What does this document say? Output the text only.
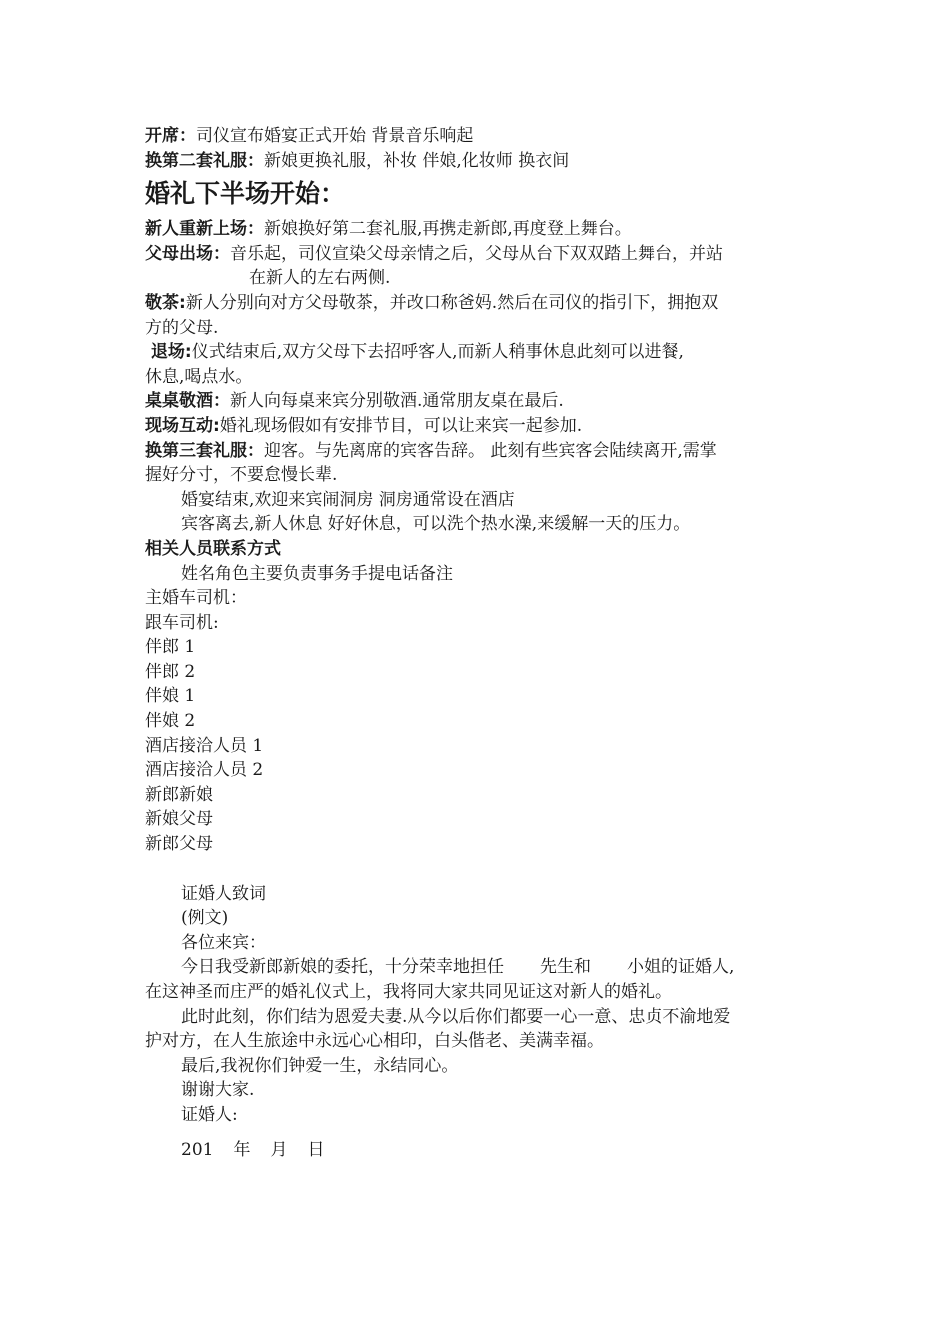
开席：司仪宣布婚宴正式开始 背景音乐响起

换第二套礼服：新娘更换礼服，补妆 伴娘,化妆师 换衣间

婚礼下半场开始：

新人重新上场：新娘换好第二套礼服,再携走新郎,再度登上舞台。

父母出场：音乐起，司仪宣染父母亲情之后，父母从台下双双踏上舞台，并站

在新人的左右两侧.

敬茶:新人分别向对方父母敬茶，并改口称爸妈.然后在司仪的指引下，拥抱双

方的父母.

退场:仪式结束后,双方父母下去招呼客人,而新人稍事休息此刻可以进餐,

休息,喝点水。

桌桌敬酒：新人向每桌来宾分别敬酒.通常朋友桌在最后.

现场互动:婚礼现场假如有安排节目，可以让来宾一起参加.

换第三套礼服：迎客。与先离席的宾客告辞。 此刻有些宾客会陆续离开,需掌

握好分寸，不要怠慢长辈.

婚宴结束,欢迎来宾闹洞房 洞房通常设在酒店

宾客离去,新人休息 好好休息，可以洗个热水澡,来缓解一天的压力。

相关人员联系方式

姓名角色主要负责事务手提电话备注

主婚车司机：

跟车司机:

伴郎 1

伴郎 2

伴娘 1

伴娘 2

酒店接洽人员 1

酒店接洽人员 2

新郎新娘

新娘父母

新郎父母

证婚人致词

(例文)

各位来宾：

今日我受新郎新娘的委托，十分荣幸地担任 先生和 小姐的证婚人,

在这神圣而庄严的婚礼仪式上，我将同大家共同见证这对新人的婚礼。

此时此刻，你们结为恩爱夫妻.从今以后你们都要一心一意、忠贞不渝地爱

护对方，在人生旅途中永远心心相印，白头偕老、美满幸福。

最后,我祝你们钟爱一生，永结同心。

谢谢大家.

证婚人:

201 年 月 日
